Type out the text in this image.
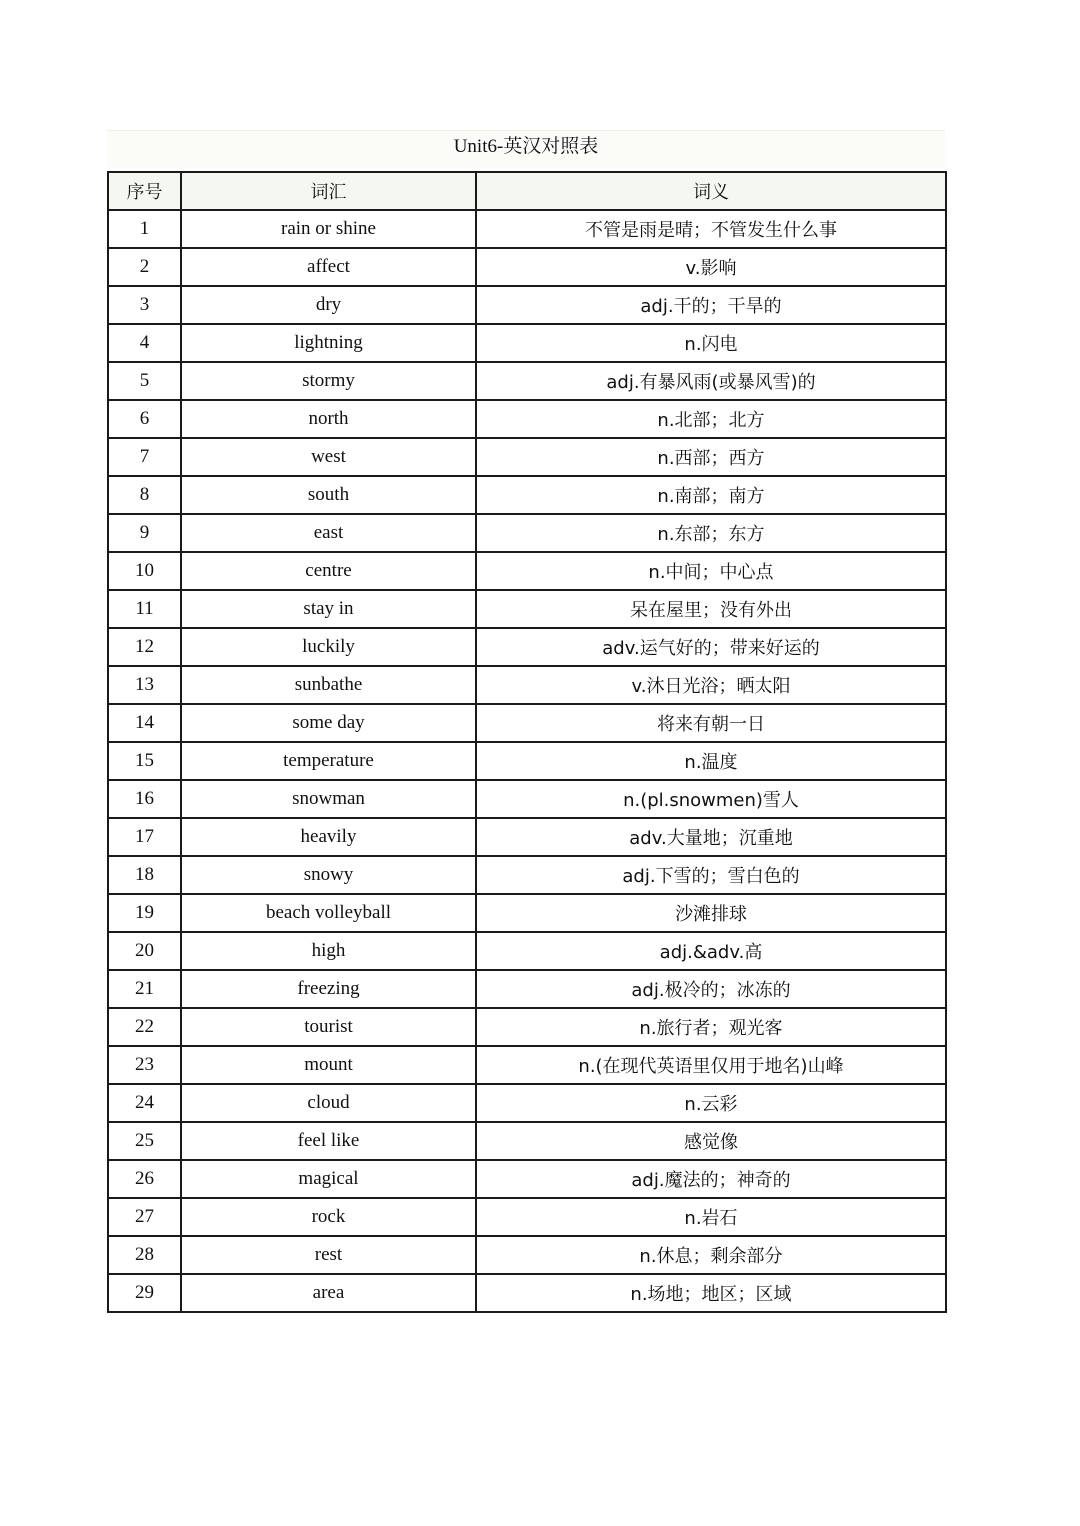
Unit6-英汉对照表
序号	词汇	词义
1	rain or shine	不管是雨是晴；不管发生什么事
2	affect	v.影响
3	dry	adj.干的；干旱的
4	lightning	n.闪电
5	stormy	adj.有暴风雨(或暴风雪)的
6	north	n.北部；北方
7	west	n.西部；西方
8	south	n.南部；南方
9	east	n.东部；东方
10	centre	n.中间；中心点
11	stay in	呆在屋里；没有外出
12	luckily	adv.运气好的；带来好运的
13	sunbathe	v.沐日光浴；晒太阳
14	some day	将来有朝一日
15	temperature	n.温度
16	snowman	n.(pl.snowmen)雪人
17	heavily	adv.大量地；沉重地
18	snowy	adj.下雪的；雪白色的
19	beach volleyball	沙滩排球
20	high	adj.&adv.高
21	freezing	adj.极冷的；冰冻的
22	tourist	n.旅行者；观光客
23	mount	n.(在现代英语里仅用于地名)山峰
24	cloud	n.云彩
25	feel like	感觉像
26	magical	adj.魔法的；神奇的
27	rock	n.岩石
28	rest	n.休息；剩余部分
29	area	n.场地；地区；区域
